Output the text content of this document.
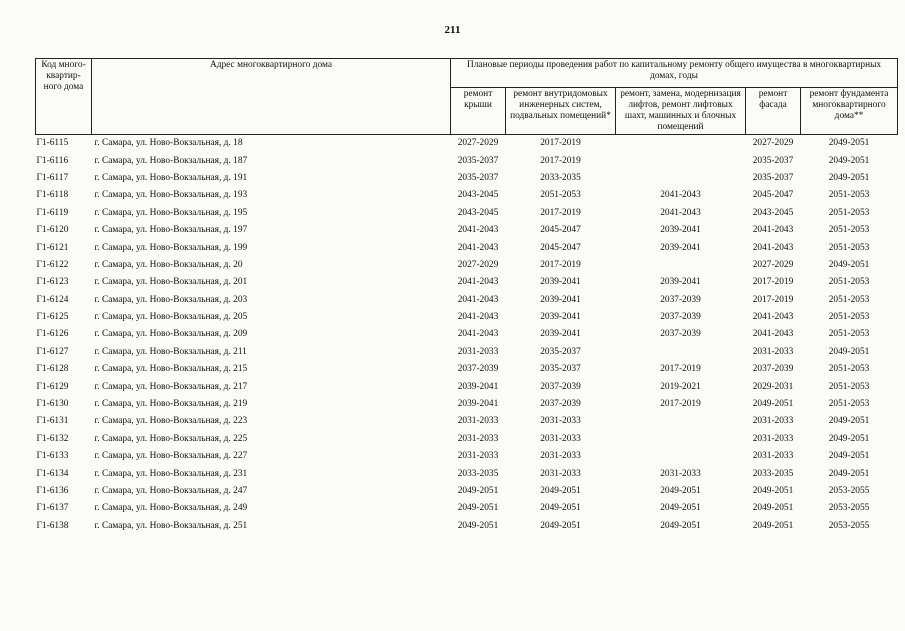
211
Код много-квартир-ного дома	Адрес многоквартирного дома	Плановые периоды проведения работ по капитальному ремонту общего имущества в многоквартирных домах, годы				
		ремонт крыши	ремонт внутридомовых инженерных систем, подвальных помещений*	ремонт, замена, модернизация лифтов, ремонт лифтовых шахт, машинных и блочных помещений	ремонт фасада	ремонт фундамента многоквартирного дома**
Г1-6115	г. Самара, ул. Ново-Вокзальная, д. 18	2027-2029	2017-2019		2027-2029	2049-2051
Г1-6116	г. Самара, ул. Ново-Вокзальная, д. 187	2035-2037	2017-2019		2035-2037	2049-2051
Г1-6117	г. Самара, ул. Ново-Вокзальная, д. 191	2035-2037	2033-2035		2035-2037	2049-2051
Г1-6118	г. Самара, ул. Ново-Вокзальная, д. 193	2043-2045	2051-2053	2041-2043	2045-2047	2051-2053
Г1-6119	г. Самара, ул. Ново-Вокзальная, д. 195	2043-2045	2017-2019	2041-2043	2043-2045	2051-2053
Г1-6120	г. Самара, ул. Ново-Вокзальная, д. 197	2041-2043	2045-2047	2039-2041	2041-2043	2051-2053
Г1-6121	г. Самара, ул. Ново-Вокзальная, д. 199	2041-2043	2045-2047	2039-2041	2041-2043	2051-2053
Г1-6122	г. Самара, ул. Ново-Вокзальная, д. 20	2027-2029	2017-2019		2027-2029	2049-2051
Г1-6123	г. Самара, ул. Ново-Вокзальная, д. 201	2041-2043	2039-2041	2039-2041	2017-2019	2051-2053
Г1-6124	г. Самара, ул. Ново-Вокзальная, д. 203	2041-2043	2039-2041	2037-2039	2017-2019	2051-2053
Г1-6125	г. Самара, ул. Ново-Вокзальная, д. 205	2041-2043	2039-2041	2037-2039	2041-2043	2051-2053
Г1-6126	г. Самара, ул. Ново-Вокзальная, д. 209	2041-2043	2039-2041	2037-2039	2041-2043	2051-2053
Г1-6127	г. Самара, ул. Ново-Вокзальная, д. 211	2031-2033	2035-2037		2031-2033	2049-2051
Г1-6128	г. Самара, ул. Ново-Вокзальная, д. 215	2037-2039	2035-2037	2017-2019	2037-2039	2051-2053
Г1-6129	г. Самара, ул. Ново-Вокзальная, д. 217	2039-2041	2037-2039	2019-2021	2029-2031	2051-2053
Г1-6130	г. Самара, ул. Ново-Вокзальная, д. 219	2039-2041	2037-2039	2017-2019	2049-2051	2051-2053
Г1-6131	г. Самара, ул. Ново-Вокзальная, д. 223	2031-2033	2031-2033		2031-2033	2049-2051
Г1-6132	г. Самара, ул. Ново-Вокзальная, д. 225	2031-2033	2031-2033		2031-2033	2049-2051
Г1-6133	г. Самара, ул. Ново-Вокзальная, д. 227	2031-2033	2031-2033		2031-2033	2049-2051
Г1-6134	г. Самара, ул. Ново-Вокзальная, д. 231	2033-2035	2031-2033	2031-2033	2033-2035	2049-2051
Г1-6136	г. Самара, ул. Ново-Вокзальная, д. 247	2049-2051	2049-2051	2049-2051	2049-2051	2053-2055
Г1-6137	г. Самара, ул. Ново-Вокзальная, д. 249	2049-2051	2049-2051	2049-2051	2049-2051	2053-2055
Г1-6138	г. Самара, ул. Ново-Вокзальная, д. 251	2049-2051	2049-2051	2049-2051	2049-2051	2053-2055
